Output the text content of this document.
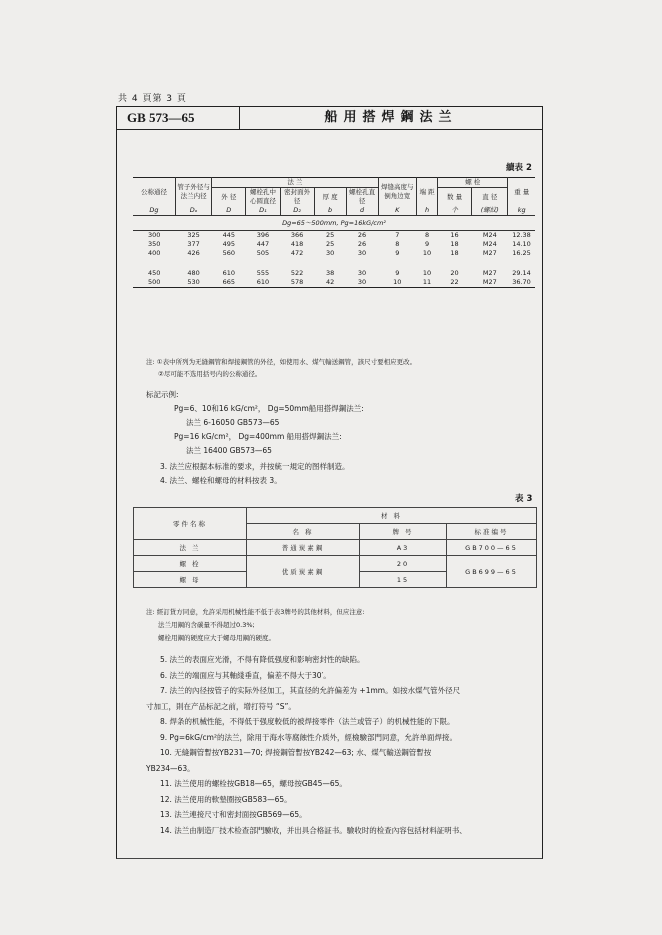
共 4 頁第 3 頁
GB 573—65	船用搭焊鋼法兰
續表 2
公称通径	管子外径与法兰内径	法 兰					焊缝高度与倒角边宽	端 距	螺 栓		重 量
		外 径	螺栓孔中心圆直径	密封面外径	厚 度	螺栓孔直径			数 量	直 径	

Dg	Dₒ	D	D₁	D₂	b	d	K	h	个	(螺紋)	kg
Dg=65～500mm, Pg=16kG/cm²											
300	325	445	396	366	25	26	7	8	16	M24	12.38
350	377	495	447	418	25	26	8	9	18	M24	14.10
400	426	560	505	472	30	30	9	10	18	M27	16.25
450	480	610	555	522	38	30	9	10	20	M27	29.14
500	530	665	610	578	42	30	10	11	22	M27	36.70
注: ①表中所列为无縫鋼管和焊接鋼管的外径，如使用水、煤气輸送鋼管，該尺寸要相应更改。
②尽可能不选用括号内的公称通径。
标記示例:
Pg=6、10和16 kG/cm²， Dg=50mm船用搭焊鋼法兰:
法兰 6-16050 GB573—65
Pg=16 kG/cm²， Dg=400mm 船用搭焊鋼法兰:
法兰 16400 GB573—65
3. 法兰应根据本标准的要求，并按統一規定的图样制造。
4. 法兰、螺栓和螺母的材料按表 3。
表 3
零件名称	材 料		
	名 称	牌 号	标准编号
法 兰	普通炭素鋼	A3	GB700—65
螺 栓	优质炭素鋼	20	GB699—65
螺 母		15	
注: 經訂貨方同意，允許采用机械性能不低于表3牌号的其他材料，但应注意:
法兰用鋼的含碳量不得超过0.3%;
螺栓用鋼的硬度应大于螺母用鋼的硬度。
5. 法兰的表面应光滑，不得有降低强度和影响密封性的缺陷。
6. 法兰的端面应与其軸綫垂直，偏差不得大于30′。
7. 法兰的內径按管子的实际外径加工，其直径的允許偏差为 +1mm。如按水煤气管外径尺
寸加工，則在产品标記之前，增打符号 “S”。
8. 焊条的机械性能，不得低于强度較低的被焊接零件（法兰或管子）的机械性能的下限。
9. Pg=6kG/cm²的法兰，除用于海水等腐蝕性介质外，經檢驗部門同意，允許单面焊接。
10. 无縫鋼管暫按YB231—70; 焊接鋼管暫按YB242—63; 水、煤气輸送鋼管暫按
YB234—63。
11. 法兰使用的螺栓按GB18—65，螺母按GB45—65。
12. 法兰使用的軟墊圈按GB583—65。
13. 法兰連接尺寸和密封面按GB569—65。
14. 法兰由制造厂技术检查部門驗收，并出具合格証书。驗收时的检查內容包括材料証明书、
